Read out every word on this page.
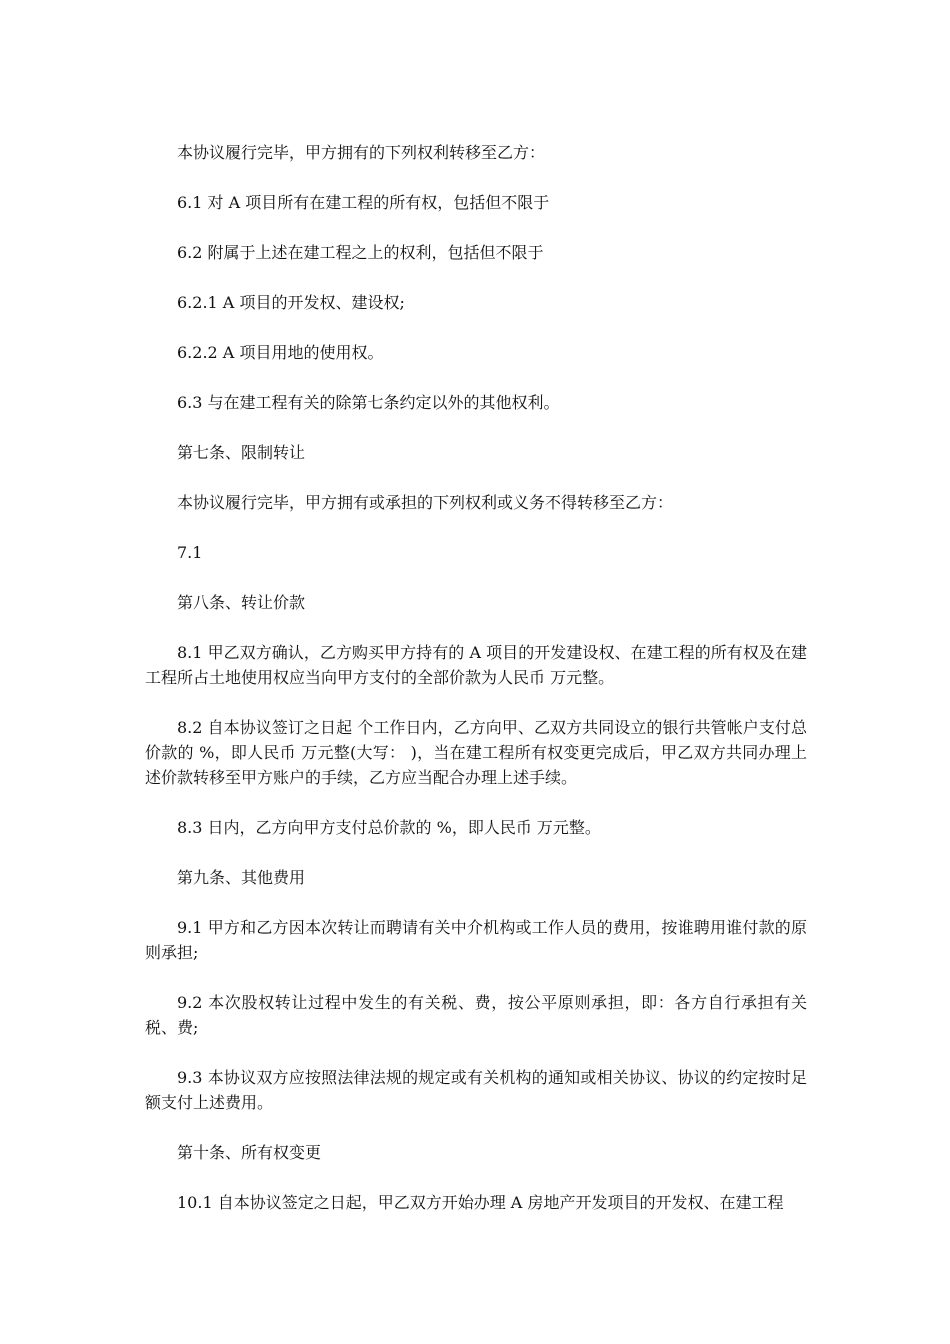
本协议履行完毕，甲方拥有的下列权利转移至乙方：

6.1 对 A 项目所有在建工程的所有权，包括但不限于

6.2 附属于上述在建工程之上的权利，包括但不限于

6.2.1 A 项目的开发权、建设权;

6.2.2 A 项目用地的使用权。

6.3 与在建工程有关的除第七条约定以外的其他权利。

第七条、限制转让

本协议履行完毕，甲方拥有或承担的下列权利或义务不得转移至乙方：

7.1

第八条、转让价款

8.1 甲乙双方确认，乙方购买甲方持有的 A 项目的开发建设权、在建工程的所有权及在建工程所占土地使用权应当向甲方支付的全部价款为人民币 万元整。

8.2 自本协议签订之日起 个工作日内，乙方向甲、乙双方共同设立的银行共管帐户支付总价款的 %，即人民币 万元整(大写： )，当在建工程所有权变更完成后，甲乙双方共同办理上述价款转移至甲方账户的手续，乙方应当配合办理上述手续。

8.3 日内，乙方向甲方支付总价款的 %，即人民币 万元整。

第九条、其他费用

9.1 甲方和乙方因本次转让而聘请有关中介机构或工作人员的费用，按谁聘用谁付款的原则承担;

9.2 本次股权转让过程中发生的有关税、费，按公平原则承担，即：各方自行承担有关税、费;

9.3 本协议双方应按照法律法规的规定或有关机构的通知或相关协议、协议的约定按时足额支付上述费用。

第十条、所有权变更

10.1 自本协议签定之日起，甲乙双方开始办理 A 房地产开发项目的开发权、在建工程
